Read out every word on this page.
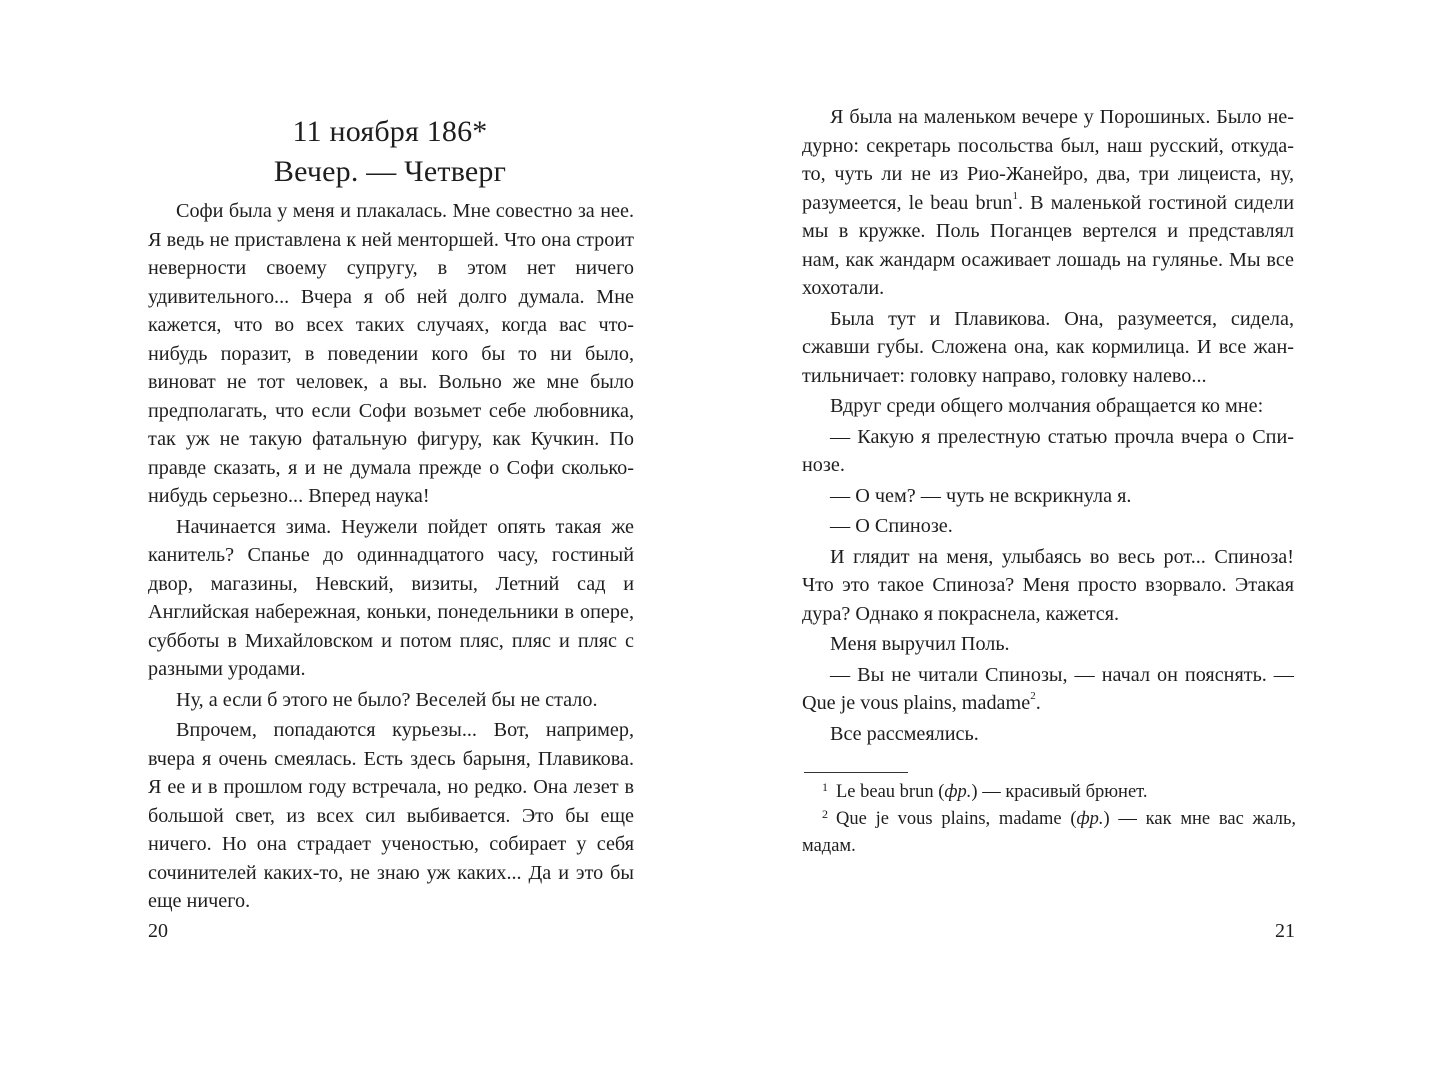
11 ноября 186*
Вечер. — Четверг

Софи была у меня и плакалась. Мне совестно за нее. Я ведь не приставлена к ней менторшей. Что она строит неверности своему супругу, в этом нет ничего удивительного... Вчера я об ней долго думала. Мне кажется, что во всех таких случаях, когда вас что-нибудь поразит, в поведении кого бы то ни было, виноват не тот человек, а вы. Вольно же мне было предполагать, что если Софи возьмет себе любовника, так уж не такую фатальную фигуру, как Кучкин. По правде сказать, я и не думала прежде о Софи сколько-нибудь серьезно... Вперед наука!

Начинается зима. Неужели пойдет опять такая же канитель? Спанье до одиннадцатого часу, гостиный двор, магазины, Невский, визиты, Летний сад и Английская набережная, коньки, понедельники в опере, субботы в Михайловском и потом пляс, пляс и пляс с разными уродами.

Ну, а если б этого не было? Веселей бы не стало.

Впрочем, попадаются курьезы... Вот, например, вчера я очень смеялась. Есть здесь барыня, Плавикова. Я ее и в прошлом году встречала, но редко. Она лезет в большой свет, из всех сил выбивается. Это бы еще ничего. Но она страдает ученостью, собирает у себя сочинителей каких-то, не знаю уж каких... Да и это бы еще ничего.

20

Я была на маленьком вечере у Порошиных. Было недурно: секретарь посольства был, наш русский, откуда-то, чуть ли не из Рио-Жанейро, два, три лицеиста, ну, разумеется, le beau brun$^1$. В маленькой гостиной сидели мы в кружке. Поль Поганцев вертелся и представлял нам, как жандарм осаживает лошадь на гулянье. Мы все хохотали.

Была тут и Плавикова. Она, разумеется, сидела, сжавши губы. Сложена она, как кормилица. И все жантильничает: головку направо, головку налево...

Вдруг среди общего молчания обращается ко мне:

— Какую я прелестную статью прочла вчера о Спинозе.

— О чем? — чуть не вскрикнула я.

— О Спинозе.

И глядит на меня, улыбаясь во весь рот... Спиноза! Что это такое Спиноза? Меня просто взорвало. Этакая дура? Однако я покраснела, кажется.

Меня выручил Поль.

— Вы не читали Спинозы, — начал он пояснять. — Que je vous plains, madame$^2$.

Все рассмеялись.

$^1$ Le beau brun (фр.) — красивый брюнет.

$^2$ Que je vous plains, madame (фр.) — как мне вас жаль, мадам.

21
